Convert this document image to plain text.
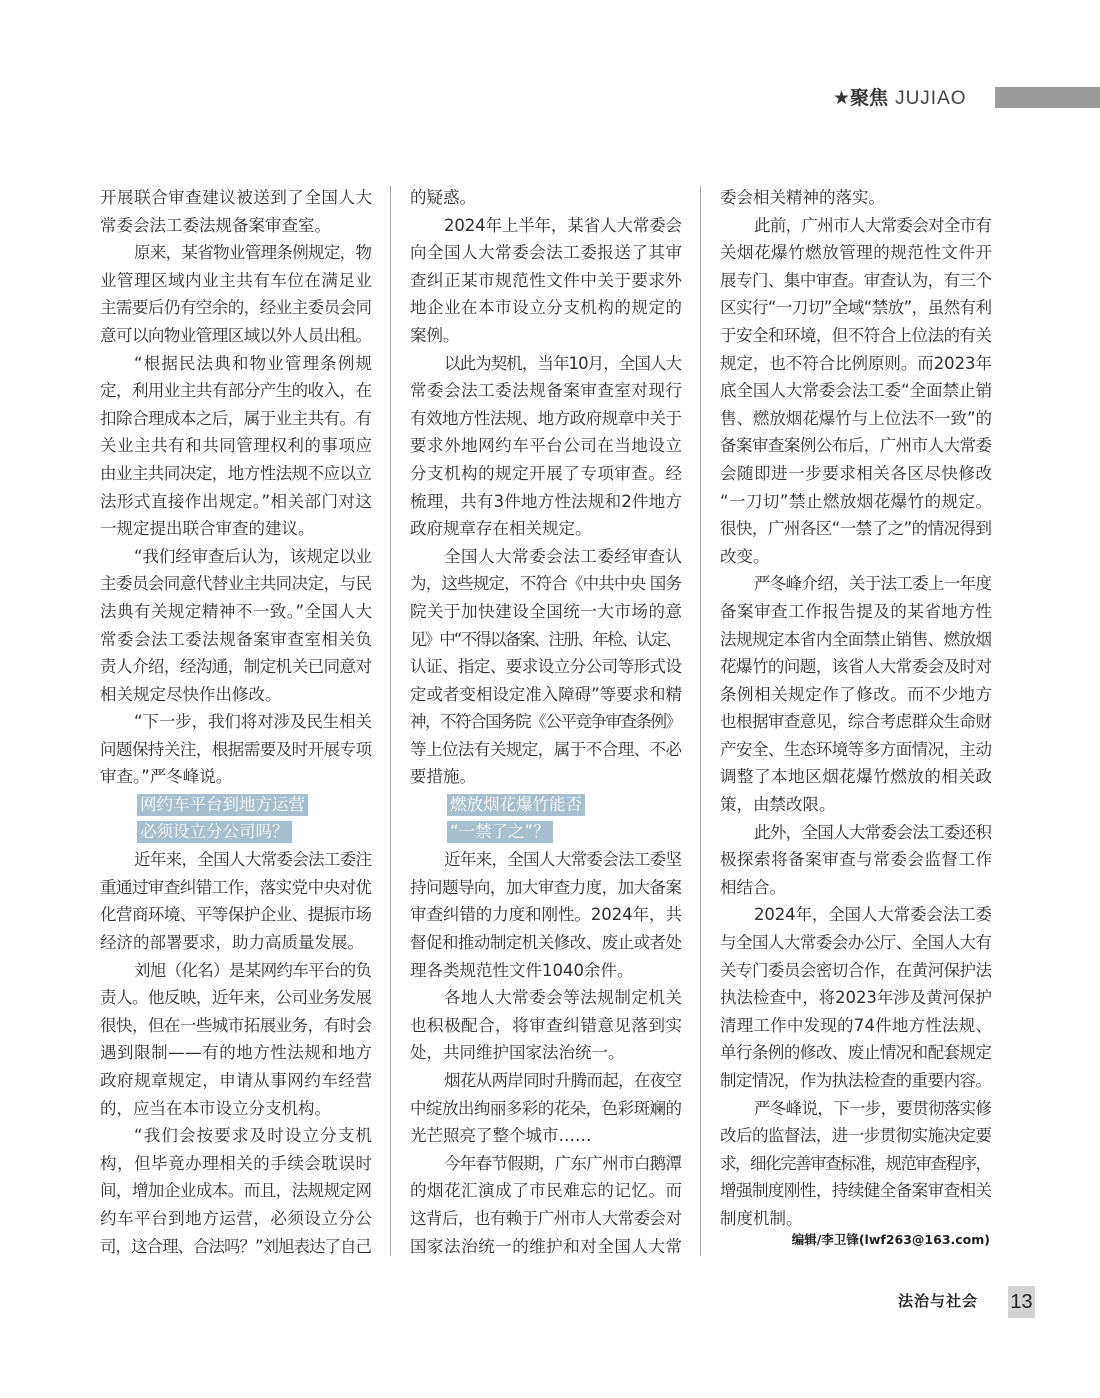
★聚焦 JUJIAO
开展联合审查建议被送到了全国人大
常委会法工委法规备案审查室。
原来，某省物业管理条例规定，物
业管理区域内业主共有车位在满足业
主需要后仍有空余的，经业主委员会同
意可以向物业管理区域以外人员出租。
“根据民法典和物业管理条例规
定，利用业主共有部分产生的收入，在
扣除合理成本之后，属于业主共有。有
关业主共有和共同管理权利的事项应
由业主共同决定，地方性法规不应以立
法形式直接作出规定。”相关部门对这
一规定提出联合审查的建议。
“我们经审查后认为，该规定以业
主委员会同意代替业主共同决定，与民
法典有关规定精神不一致。”全国人大
常委会法工委法规备案审查室相关负
责人介绍，经沟通，制定机关已同意对
相关规定尽快作出修改。
“下一步，我们将对涉及民生相关
问题保持关注，根据需要及时开展专项
审查。”严冬峰说。
网约车平台到地方运营
必须设立分公司吗？
近年来，全国人大常委会法工委注
重通过审查纠错工作，落实党中央对优
化营商环境、平等保护企业、提振市场
经济的部署要求，助力高质量发展。
刘旭（化名）是某网约车平台的负
责人。他反映，近年来，公司业务发展
很快，但在一些城市拓展业务，有时会
遇到限制——有的地方性法规和地方
政府规章规定，申请从事网约车经营
的，应当在本市设立分支机构。
“我们会按要求及时设立分支机
构，但毕竟办理相关的手续会耽误时
间，增加企业成本。而且，法规规定网
约车平台到地方运营，必须设立分公
司，这合理、合法吗？”刘旭表达了自己
的疑惑。
2024年上半年，某省人大常委会
向全国人大常委会法工委报送了其审
查纠正某市规范性文件中关于要求外
地企业在本市设立分支机构的规定的
案例。
以此为契机，当年10月，全国人大
常委会法工委法规备案审查室对现行
有效地方性法规、地方政府规章中关于
要求外地网约车平台公司在当地设立
分支机构的规定开展了专项审查。经
梳理，共有3件地方性法规和2件地方
政府规章存在相关规定。
全国人大常委会法工委经审查认
为，这些规定，不符合《中共中央 国务
院关于加快建设全国统一大市场的意
见》中“不得以备案、注册、年检、认定、
认证、指定、要求设立分公司等形式设
定或者变相设定准入障碍”等要求和精
神，不符合国务院《公平竞争审查条例》
等上位法有关规定，属于不合理、不必
要措施。
燃放烟花爆竹能否
“一禁了之”？
近年来，全国人大常委会法工委坚
持问题导向，加大审查力度，加大备案
审查纠错的力度和刚性。2024年，共
督促和推动制定机关修改、废止或者处
理各类规范性文件1040余件。
各地人大常委会等法规制定机关
也积极配合，将审查纠错意见落到实
处，共同维护国家法治统一。
烟花从两岸同时升腾而起，在夜空
中绽放出绚丽多彩的花朵，色彩斑斓的
光芒照亮了整个城市……
今年春节假期，广东广州市白鹅潭
的烟花汇演成了市民难忘的记忆。而
这背后，也有赖于广州市人大常委会对
国家法治统一的维护和对全国人大常
委会相关精神的落实。
此前，广州市人大常委会对全市有
关烟花爆竹燃放管理的规范性文件开
展专门、集中审查。审查认为，有三个
区实行“一刀切”全域“禁放”，虽然有利
于安全和环境，但不符合上位法的有关
规定，也不符合比例原则。而2023年
底全国人大常委会法工委“全面禁止销
售、燃放烟花爆竹与上位法不一致”的
备案审查案例公布后，广州市人大常委
会随即进一步要求相关各区尽快修改
“一刀切”禁止燃放烟花爆竹的规定。
很快，广州各区“一禁了之”的情况得到
改变。
严冬峰介绍，关于法工委上一年度
备案审查工作报告提及的某省地方性
法规规定本省内全面禁止销售、燃放烟
花爆竹的问题，该省人大常委会及时对
条例相关规定作了修改。而不少地方
也根据审查意见，综合考虑群众生命财
产安全、生态环境等多方面情况，主动
调整了本地区烟花爆竹燃放的相关政
策，由禁改限。
此外，全国人大常委会法工委还积
极探索将备案审查与常委会监督工作
相结合。
2024年，全国人大常委会法工委
与全国人大常委会办公厅、全国人大有
关专门委员会密切合作，在黄河保护法
执法检查中，将2023年涉及黄河保护
清理工作中发现的74件地方性法规、
单行条例的修改、废止情况和配套规定
制定情况，作为执法检查的重要内容。
严冬峰说，下一步，要贯彻落实修
改后的监督法，进一步贯彻实施决定要
求，细化完善审查标准，规范审查程序，
增强制度刚性，持续健全备案审查相关
制度机制。
编辑/李卫锋(lwf263@163.com)
法治与社会 13
